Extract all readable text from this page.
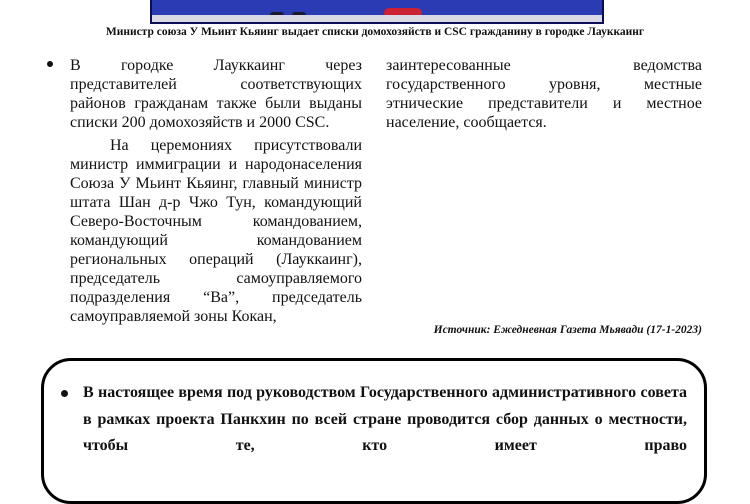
Министр союза У Мьинт Кьяинг выдает списки домохозяйств и CSC гражданину в городке Лауккаинг

В городке Лауккаинг через представителей соответствующих районов гражданам также были выданы списки 200 домохозяйств и 2000 CSC.

На церемониях присутствовали министр иммиграции и народонаселения Союза У Мьинт Кьяинг, главный министр штата Шан д-р Чжо Тун, командующий Северо-Восточным командованием, командующий командованием региональных операций (Лауккаинг), председатель самоуправляемого подразделения “Ва”, председатель самоуправляемой зоны Кокан,

заинтересованные ведомства государственного уровня, местные этнические представители и местное население, сообщается.

Источник: Ежедневная Газета Мьявади (17-1-2023)
В настоящее время под руководством Государственного административного совета в рамках проекта Панкхин по всей стране проводится сбор данных о местности, чтобы те, кто имеет право
